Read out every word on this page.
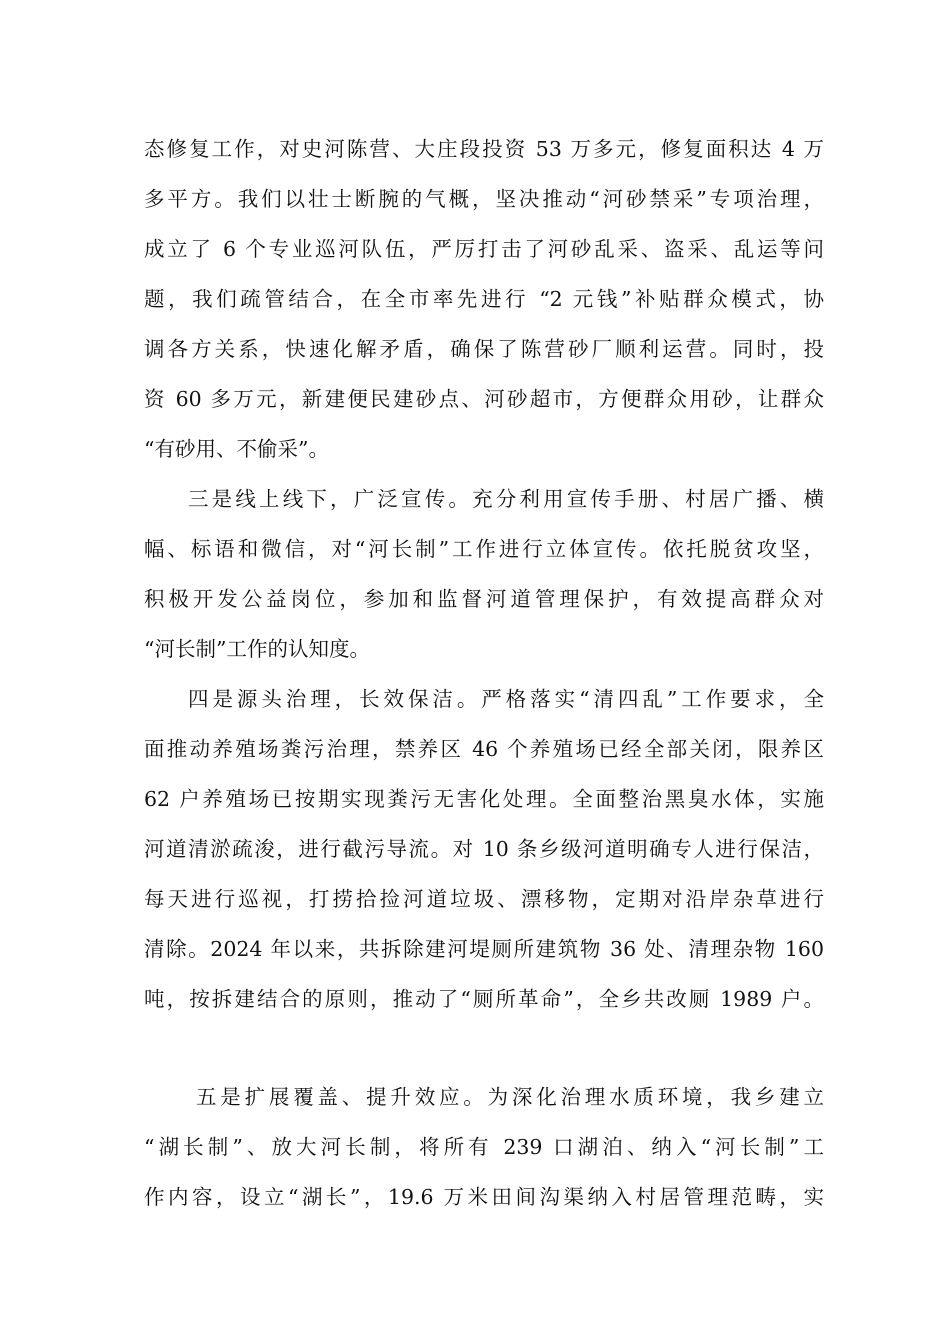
态修复工作，对史河陈营、大庄段投资 53 万多元，修复面积达 4 万
多平方。我们以壮士断腕的气概，坚决推动“河砂禁采”专项治理，
成立了 6 个专业巡河队伍，严厉打击了河砂乱采、盗采、乱运等问
题，我们疏管结合，在全市率先进行 “2 元钱”补贴群众模式，协
调各方关系，快速化解矛盾，确保了陈营砂厂顺利运营。同时，投
资 60 多万元，新建便民建砂点、河砂超市，方便群众用砂，让群众
“有砂用、不偷采”。
三是线上线下，广泛宣传。充分利用宣传手册、村居广播、横
幅、标语和微信，对“河长制”工作进行立体宣传。依托脱贫攻坚，
积极开发公益岗位，参加和监督河道管理保护，有效提高群众对
“河长制”工作的认知度。
四是源头治理，长效保洁。严格落实“清四乱”工作要求，全
面推动养殖场粪污治理，禁养区 46 个养殖场已经全部关闭，限养区
62 户养殖场已按期实现粪污无害化处理。全面整治黑臭水体，实施
河道清淤疏浚，进行截污导流。对 10 条乡级河道明确专人进行保洁，
每天进行巡视，打捞拾捡河道垃圾、漂移物，定期对沿岸杂草进行
清除。2024 年以来，共拆除建河堤厕所建筑物 36 处、清理杂物 160
吨，按拆建结合的原则，推动了“厕所革命”，全乡共改厕 1989 户。
五是扩展覆盖、提升效应。为深化治理水质环境，我乡建立
“湖长制”、放大河长制，将所有 239 口湖泊、纳入“河长制”工
作内容，设立“湖长”，19.6 万米田间沟渠纳入村居管理范畴，实
